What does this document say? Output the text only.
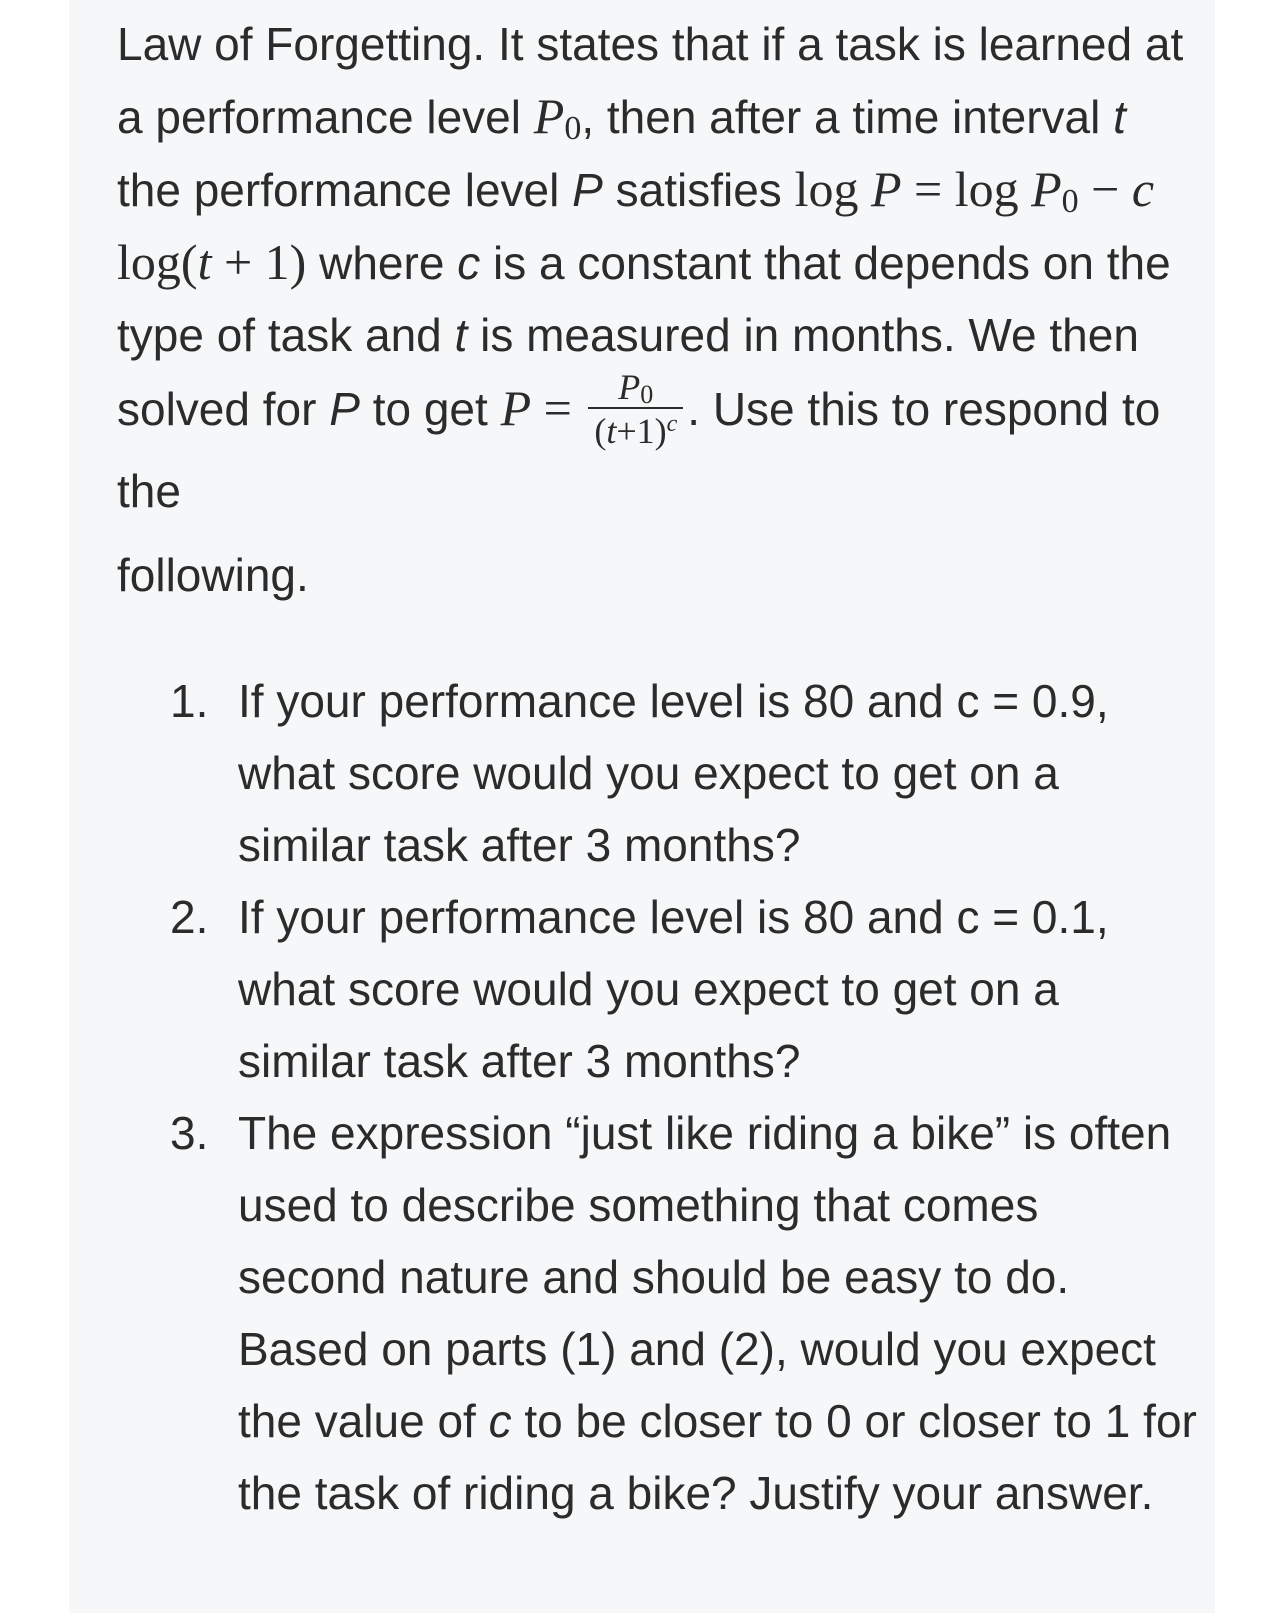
Law of Forgetting. It states that if a task is learned at a performance level $P_0$, then after a time interval t the performance level P satisfies $\log P = \log P_0 - c$ log(t + 1) where c is a constant that depends on the type of task and t is measured in months. We then solved for P to get $P = \frac{P_0}{(t+1)^c}$ . Use this to respond to the
following.

1. If your performance level is 80 and c = 0.9, what score would you expect to get on a similar task after 3 months?
2. If your performance level is 80 and c = 0.1, what score would you expect to get on a similar task after 3 months?
3. The expression “just like riding a bike” is often used to describe something that comes second nature and should be easy to do. Based on parts (1) and (2), would you expect the value of c to be closer to 0 or closer to 1 for the task of riding a bike? Justify your answer.
